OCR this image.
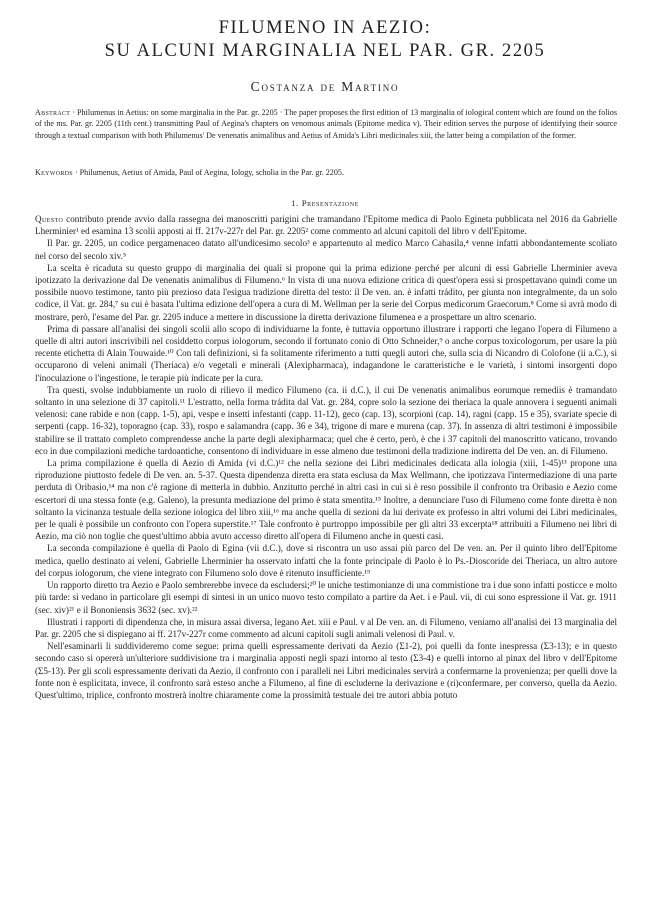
FILUMENO IN AEZIO:
SU ALCUNI MARGINALIA NEL PAR. GR. 2205
Costanza de Martino
Abstract · Philumenus in Aetius: on some marginalia in the Par. gr. 2205 · The paper proposes the first edition of 13 marginalia of iological content which are found on the folios of the ms. Par. gr. 2205 (11th cent.) transmitting Paul of Aegina's chapters on venomous animals (Epitome medica v). Their edition serves the purpose of identifying their source through a textual comparison with both Philumenus' De venenatis animalibus and Aetius of Amida's Libri medicinales xiii, the latter being a compilation of the former.
Keywords · Philumenus, Aetius of Amida, Paul of Aegina, Iology, scholia in the Par. gr. 2205.
1. Presentazione

Questo contributo prende avvio dalla rassegna dei manoscritti parigini che tramandano l'Epitome medica di Paolo Egineta pubblicata nel 2016 da Gabrielle Lherminier¹ ed esamina 13 scolii apposti ai ff. 217v-227r del Par. gr. 2205² come commento ad alcuni capitoli del libro v dell'Epitome.

Il Par. gr. 2205, un codice pergamenaceo datato all'undicesimo secolo³ e appartenuto al medico Marco Cabasila,⁴ venne infatti abbondantemente scoliato nel corso del secolo xiv.⁵

La scelta è ricaduta su questo gruppo di marginalia dei quali si propone qui la prima edizione perché per alcuni di essi Gabrielle Lherminier aveva ipotizzato la derivazione dal De venenatis animalibus di Filumeno.⁶ In vista di una nuova edizione critica di quest'opera essi si prospettavano quindi come un possibile nuovo testimone, tanto più prezioso data l'esigua tradizione diretta del testo: il De ven. an. è infatti trádito, per giunta non integralmente, da un solo codice, il Vat. gr. 284,⁷ su cui è basata l'ultima edizione dell'opera a cura di M. Wellman per la serie del Corpus medicorum Graecorum.⁸ Come si avrà modo di mostrare, però, l'esame del Par. gr. 2205 induce a mettere in discussione la diretta derivazione filumenea e a prospettare un altro scenario.

Prima di passare all'analisi dei singoli scolii allo scopo di individuarne la fonte, è tuttavia opportuno illustrare i rapporti che legano l'opera di Filumeno a quelle di altri autori inscrivibili nel cosiddetto corpus iologorum, secondo il fortunato conio di Otto Schneider,⁹ o anche corpus toxicologorum, per usare la più recente etichetta di Alain Touwaide.¹⁰ Con tali definizioni, si fa solitamente riferimento a tutti quegli autori che, sulla scia di Nicandro di Colofone (ii a.C.), si occuparono di veleni animali (Theriaca) e/o vegetali e minerali (Alexipharmaca), indagandone le caratteristiche e le varietà, i sintomi insorgenti dopo l'inoculazione o l'ingestione, le terapie più indicate per la cura.

Tra questi, svolse indubbiamente un ruolo di rilievo il medico Filumeno (ca. ii d.C.), il cui De venenatis animalibus eorumque remediis è tramandato soltanto in una selezione di 37 capitoli.¹¹ L'estratto, nella forma trádita dal Vat. gr. 284, copre solo la sezione dei theriaca la quale annovera i seguenti animali velenosi: cane rabide e non (capp. 1-5), api, vespe e insetti infestanti (capp. 11-12), geco (cap. 13), scorpioni (cap. 14), ragni (capp. 15 e 35), svariate specie di serpenti (capp. 16-32), toporagno (cap. 33), rospo e salamandra (capp. 36 e 34), trigone di mare e murena (cap. 37). In assenza di altri testimoni è impossibile stabilire se il trattato completo comprendesse anche la parte degli alexipharmaca; quel che è certo, però, è che i 37 capitoli del manoscritto vaticano, trovando eco in due compilazioni mediche tardoantiche, consentono di individuare in esse almeno due testimoni della tradizione indiretta del De ven. an. di Filumeno.

La prima compilazione è quella di Aezio di Amida (vi d.C.)¹² che nella sezione dei Libri medicinales dedicata alla iologia (xiii, 1-45)¹³ propone una riproduzione piuttosto fedele di De ven. an. 5-37. Questa dipendenza diretta era stata esclusa da Max Wellmann, che ipotizzava l'intermediazione di una parte perduta di Oribasio,¹⁴ ma non c'è ragione di metterla in dubbio. Anzitutto perché in altri casi in cui si è reso possibile il confronto tra Oribasio e Aezio come escertori di una stessa fonte (e.g. Galeno), la presunta mediazione del primo è stata smentita.¹⁵ Inoltre, a denunciare l'uso di Filumeno come fonte diretta è non soltanto la vicinanza testuale della sezione iologica del libro xiii,¹⁶ ma anche quella di sezioni da lui derivate ex professo in altri volumi dei Libri medicinales, per le quali è possibile un confronto con l'opera superstite.¹⁷ Tale confronto è purtroppo impossibile per gli altri 33 excerpta¹⁸ attribuiti a Filumeno nei libri di Aezio, ma ciò non toglie che quest'ultimo abbia avuto accesso diretto all'opera di Filumeno anche in questi casi.

La seconda compilazione è quella di Paolo di Egina (vii d.C.), dove si riscontra un uso assai più parco del De ven. an. Per il quinto libro dell'Epitome medica, quello destinato ai veleni, Gabrielle Lherminier ha osservato infatti che la fonte principale di Paolo è lo Ps.-Dioscoride dei Theriaca, un altro autore del corpus iologorum, che viene integrato con Filumeno solo dove è ritenuto insufficiente.¹⁹

Un rapporto diretto tra Aezio e Paolo sembrerebbe invece da escludersi;²⁰ le uniche testimonianze di una commistione tra i due sono infatti posticce e molto più tarde: si vedano in particolare gli esempi di sintesi in un unico nuovo testo compilato a partire da Aet. i e Paul. vii, di cui sono espressione il Vat. gr. 1911 (sec. xiv)²¹ e il Bononiensis 3632 (sec. xv).²²

Illustrati i rapporti di dipendenza che, in misura assai diversa, legano Aet. xiii e Paul. v al De ven. an. di Filumeno, veniamo all'analisi dei 13 marginalia del Par. gr. 2205 che si dispiegano ai ff. 217v-227r come commento ad alcuni capitoli sugli animali velenosi di Paul. v.

Nell'esaminarli li suddivideremo come segue: prima quelli espressamente derivati da Aezio (Σ1-2), poi quelli da fonte inespressa (Σ3-13); e in questo secondo caso si opererà un'ulteriore suddivisione tra i marginalia apposti negli spazi intorno al testo (Σ3-4) e quelli intorno al pinax del libro v dell'Epitome (Σ5-13). Per gli scoli espressamente derivati da Aezio, il confronto con i paralleli nei Libri medicinales servirà a confermarne la provenienza; per quelli dove la fonte non è esplicitata, invece, il confronto sarà esteso anche a Filumeno, al fine di escluderne la derivazione e (ri)confermare, per converso, quella da Aezio. Quest'ultimo, triplice, confronto mostrerà inoltre chiaramente come la prossimità testuale dei tre autori abbia potuto
